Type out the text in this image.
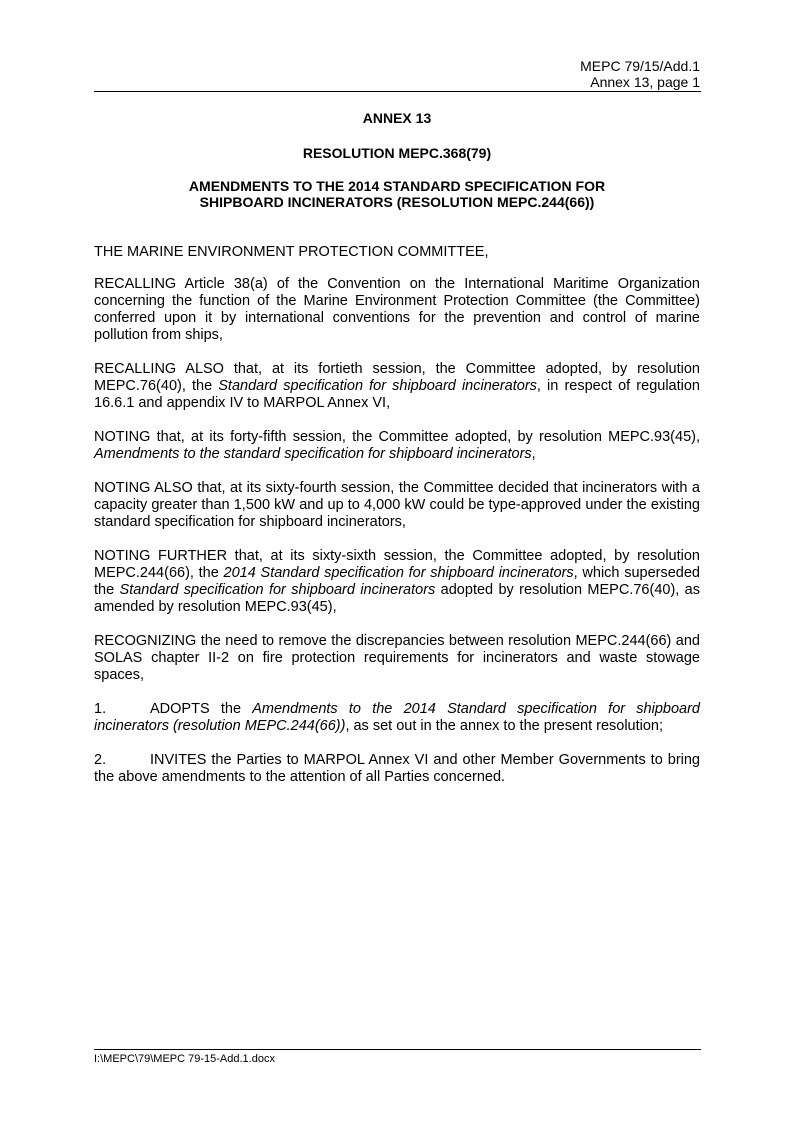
MEPC 79/15/Add.1
Annex 13, page 1
ANNEX 13
RESOLUTION MEPC.368(79)
AMENDMENTS TO THE 2014 STANDARD SPECIFICATION FOR
SHIPBOARD INCINERATORS (RESOLUTION MEPC.244(66))

THE MARINE ENVIRONMENT PROTECTION COMMITTEE,

RECALLING Article 38(a) of the Convention on the International Maritime Organization concerning the function of the Marine Environment Protection Committee (the Committee) conferred upon it by international conventions for the prevention and control of marine pollution from ships,

RECALLING ALSO that, at its fortieth session, the Committee adopted, by resolution MEPC.76(40), the Standard specification for shipboard incinerators, in respect of regulation 16.6.1 and appendix IV to MARPOL Annex VI,

NOTING that, at its forty-fifth session, the Committee adopted, by resolution MEPC.93(45), Amendments to the standard specification for shipboard incinerators,

NOTING ALSO that, at its sixty-fourth session, the Committee decided that incinerators with a capacity greater than 1,500 kW and up to 4,000 kW could be type-approved under the existing standard specification for shipboard incinerators,

NOTING FURTHER that, at its sixty-sixth session, the Committee adopted, by resolution MEPC.244(66), the 2014 Standard specification for shipboard incinerators, which superseded the Standard specification for shipboard incinerators adopted by resolution MEPC.76(40), as amended by resolution MEPC.93(45),

RECOGNIZING the need to remove the discrepancies between resolution MEPC.244(66) and SOLAS chapter II-2 on fire protection requirements for incinerators and waste stowage spaces,

1.	ADOPTS the Amendments to the 2014 Standard specification for shipboard incinerators (resolution MEPC.244(66)), as set out in the annex to the present resolution;

2.	INVITES the Parties to MARPOL Annex VI and other Member Governments to bring the above amendments to the attention of all Parties concerned.

I:\MEPC\79\MEPC 79-15-Add.1.docx
